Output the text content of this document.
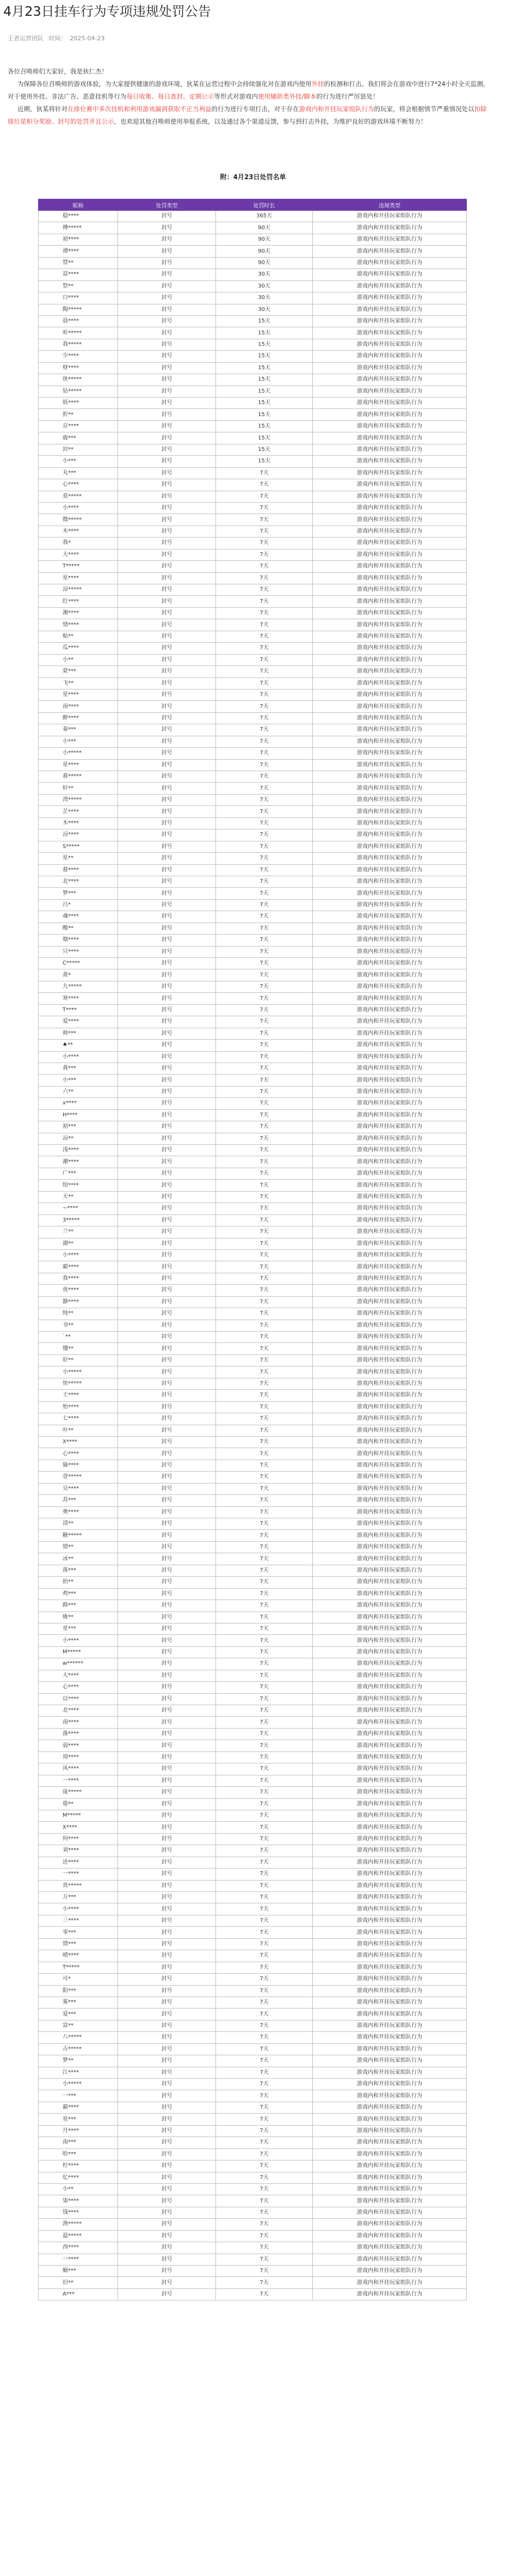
4月23日挂车行为专项违规处罚公告
王者运营团队 时间： 2025-04-23

各位召唤师们大家好，我是狄仁杰！

为保障各位召唤师的游戏体验，为大家提供健康的游戏环境，狄某在运营过程中会持续强化对在游戏内使用外挂的检测和打击。我们将会在游戏中进行7*24小时全天监测，对于使用外挂、非法广告、恶意挂机等行为每日收集、每日查封、定期公示等形式对游戏内使用辅助类外挂/脚本的行为进行严厉惩处！

近期，狄某将针对在排位赛中多次挂机和利用游戏漏洞获取不正当利益的行为进行专项打击，对于存在游戏内和开挂玩家组队行为的玩家，将会根据情节严重情况处以扣除排位星积分奖励、封号的处罚并且公示，也欢迎其他召唤师使用举报系统，以及通过各个渠道反馈，参与到打击外挂，为维护良好的游戏环境不断努力！

附：4月23日处罚名单
昵称	处罚类型	处罚时长	违规类型
稳****	封号	365天	游戏内和开挂玩家组队行为
傅*****	封号	90天	游戏内和开挂玩家组队行为
初****	封号	90天	游戏内和开挂玩家组队行为
谭****	封号	90天	游戏内和开挂玩家组队行为
禁**	封号	90天	游戏内和开挂玩家组队行为
富****	封号	30天	游戏内和开挂玩家组队行为
祭**	封号	30天	游戏内和开挂玩家组队行为
白****	封号	30天	游戏内和开挂玩家组队行为
陶*****	封号	30天	游戏内和开挂玩家组队行为
晨****	封号	15天	游戏内和开挂玩家组队行为
听*****	封号	15天	游戏内和开挂玩家组队行为
我*****	封号	15天	游戏内和开挂玩家组队行为
少****	封号	15天	游戏内和开挂玩家组队行为
财****	封号	15天	游戏内和开挂玩家组队行为
侠*****	封号	15天	游戏内和开挂玩家组队行为
钻*****	封号	15天	游戏内和开挂玩家组队行为
妖****	封号	15天	游戏内和开挂玩家组队行为
折**	封号	15天	游戏内和开挂玩家组队行为
京****	封号	15天	游戏内和开挂玩家组队行为
鹿***	封号	15天	游戏内和开挂玩家组队行为
封**	封号	15天	游戏内和开挂玩家组队行为
小***	封号	15天	游戏内和开挂玩家组队行为
丸***	封号	7天	游戏内和开挂玩家组队行为
心****	封号	7天	游戏内和开挂玩家组队行为
莫*****	封号	7天	游戏内和开挂玩家组队行为
小****	封号	7天	游戏内和开挂玩家组队行为
微*****	封号	7天	游戏内和开挂玩家组队行为
木****	封号	7天	游戏内和开挂玩家组队行为
我*	封号	7天	游戏内和开挂玩家组队行为
大****	封号	7天	游戏内和开挂玩家组队行为
T*****	封号	7天	游戏内和开挂玩家组队行为
星****	封号	7天	游戏内和开挂玩家组队行为
凉*****	封号	7天	游戏内和开挂玩家组队行为
红****	封号	7天	游戏内和开挂玩家组队行为
湘****	封号	7天	游戏内和开挂玩家组队行为
情****	封号	7天	游戏内和开挂玩家组队行为
贴**	封号	7天	游戏内和开挂玩家组队行为
瓜****	封号	7天	游戏内和开挂玩家组队行为
小**	封号	7天	游戏内和开挂玩家组队行为
蒙***	封号	7天	游戏内和开挂玩家组队行为
飞**	封号	7天	游戏内和开挂玩家组队行为
星****	封号	7天	游戏内和开挂玩家组队行为
南****	封号	7天	游戏内和开挂玩家组队行为
醉****	封号	7天	游戏内和开挂玩家组队行为
秦***	封号	7天	游戏内和开挂玩家组队行为
小***	封号	7天	游戏内和开挂玩家组队行为
小*****	封号	7天	游戏内和开挂玩家组队行为
星****	封号	7天	游戏内和开挂玩家组队行为
暮*****	封号	7天	游戏内和开挂玩家组队行为
轩**	封号	7天	游戏内和开挂玩家组队行为
湾*****	封号	7天	游戏内和开挂玩家组队行为
芷****	封号	7天	游戏内和开挂玩家组队行为
木****	封号	7天	游戏内和开挂玩家组队行为
凉****	封号	7天	游戏内和开挂玩家组队行为
S*****	封号	7天	游戏内和开挂玩家组队行为
星**	封号	7天	游戏内和开挂玩家组队行为
暮****	封号	7天	游戏内和开挂玩家组队行为
北****	封号	7天	游戏内和开挂玩家组队行为
梦***	封号	7天	游戏内和开挂玩家组队行为
吕*	封号	7天	游戏内和开挂玩家组队行为
魂****	封号	7天	游戏内和开挂玩家组队行为
酸**	封号	7天	游戏内和开挂玩家组队行为
烟****	封号	7天	游戏内和开挂玩家组队行为
只****	封号	7天	游戏内和开挂玩家组队行为
C*****	封号	7天	游戏内和开挂玩家组队行为
黄*	封号	7天	游戏内和开挂玩家组队行为
九*****	封号	7天	游戏内和开挂玩家组队行为
寒****	封号	7天	游戏内和开挂玩家组队行为
T****	封号	7天	游戏内和开挂玩家组队行为
爱****	封号	7天	游戏内和开挂玩家组队行为
帅***	封号	7天	游戏内和开挂玩家组队行为
♠**	封号	7天	游戏内和开挂玩家组队行为
小****	封号	7天	游戏内和开挂玩家组队行为
黄***	封号	7天	游戏内和开挂玩家组队行为
小***	封号	7天	游戏内和开挂玩家组队行为
六**	封号	7天	游戏内和开挂玩家组队行为
x****	封号	7天	游戏内和开挂玩家组队行为
H****	封号	7天	游戏内和开挂玩家组队行为
初***	封号	7天	游戏内和开挂玩家组队行为
凉**	封号	7天	游戏内和开挂玩家组队行为
浅****	封号	7天	游戏内和开挂玩家组队行为
潮****	封号	7天	游戏内和开挂玩家组队行为
广***	封号	7天	游戏内和开挂玩家组队行为
绾****	封号	7天	游戏内和开挂玩家组队行为
天**	封号	7天	游戏内和开挂玩家组队行为
~****	封号	7天	游戏内和开挂玩家组队行为
3*****	封号	7天	游戏内和开挂玩家组队行为
兰**	封号	7天	游戏内和开挂玩家组队行为
湖**	封号	7天	游戏内和开挂玩家组队行为
小****	封号	7天	游戏内和开挂玩家组队行为
霸****	封号	7天	游戏内和开挂玩家组队行为
我****	封号	7天	游戏内和开挂玩家组队行为
夜****	封号	7天	游戏内和开挂玩家组队行为
静****	封号	7天	游戏内和开挂玩家组队行为
纯**	封号	7天	游戏内和开挂玩家组队行为
书**	封号	7天	游戏内和开挂玩家组队行为
`**	封号	7天	游戏内和开挂玩家组队行为
懂**	封号	7天	游戏内和开挂玩家组队行为
好**	封号	7天	游戏内和开挂玩家组队行为
小*****	封号	7天	游戏内和开挂玩家组队行为
快*****	封号	7天	游戏内和开挂玩家组队行为
王****	封号	7天	游戏内和开挂玩家组队行为
怡****	封号	7天	游戏内和开挂玩家组队行为
七****	封号	7天	游戏内和开挂玩家组队行为
叶**	封号	7天	游戏内和开挂玩家组队行为
X****	封号	7天	游戏内和开挂玩家组队行为
心****	封号	7天	游戏内和开挂玩家组队行为
猫****	封号	7天	游戏内和开挂玩家组队行为
壹*****	封号	7天	游戏内和开挂玩家组队行为
吴****	封号	7天	游戏内和开挂玩家组队行为
苏***	封号	7天	游戏内和开挂玩家组队行为
奥****	封号	7天	游戏内和开挂玩家组队行为
清**	封号	7天	游戏内和开挂玩家组队行为
糖*****	封号	7天	游戏内和开挂玩家组队行为
情**	封号	7天	游戏内和开挂玩家组队行为
冰**	封号	7天	游戏内和开挂玩家组队行为
落***	封号	7天	游戏内和开挂玩家组队行为
抬**	封号	7天	游戏内和开挂玩家组队行为
鸡***	封号	7天	游戏内和开挂玩家组队行为
路***	封号	7天	游戏内和开挂玩家组队行为
桃**	封号	7天	游戏内和开挂玩家组队行为
星***	封号	7天	游戏内和开挂玩家组队行为
小****	封号	7天	游戏内和开挂玩家组队行为
M*****	封号	7天	游戏内和开挂玩家组队行为
w******	封号	7天	游戏内和开挂玩家组队行为
大****	封号	7天	游戏内和开挂玩家组队行为
心****	封号	7天	游戏内和开挂玩家组队行为
以****	封号	7天	游戏内和开挂玩家组队行为
北****	封号	7天	游戏内和开挂玩家组队行为
南****	封号	7天	游戏内和开挂玩家组队行为
落****	封号	7天	游戏内和开挂玩家组队行为
弱****	封号	7天	游戏内和开挂玩家组队行为
周****	封号	7天	游戏内和开挂玩家组队行为
风****	封号	7天	游戏内和开挂玩家组队行为
一****	封号	7天	游戏内和开挂玩家组队行为
庞*****	封号	7天	游戏内和开挂玩家组队行为
倦**	封号	7天	游戏内和开挂玩家组队行为
M*****	封号	7天	游戏内和开挂玩家组队行为
X****	封号	7天	游戏内和开挂玩家组队行为
何****	封号	7天	游戏内和开挂玩家组队行为
刘****	封号	7天	游戏内和开挂玩家组队行为
还****	封号	7天	游戏内和开挂玩家组队行为
一****	封号	7天	游戏内和开挂玩家组队行为
贵*****	封号	7天	游戏内和开挂玩家组队行为
万***	封号	7天	游戏内和开挂玩家组队行为
小****	封号	7天	游戏内和开挂玩家组队行为
三****	封号	7天	游戏内和开挂玩家组队行为
零***	封号	7天	游戏内和开挂玩家组队行为
情***	封号	7天	游戏内和开挂玩家组队行为
晴****	封号	7天	游戏内和开挂玩家组队行为
T*****	封号	7天	游戏内和开挂玩家组队行为
可*	封号	7天	游戏内和开挂玩家组队行为
阳***	封号	7天	游戏内和开挂玩家组队行为
雾***	封号	7天	游戏内和开挂玩家组队行为
爱***	封号	7天	游戏内和开挂玩家组队行为
富**	封号	7天	游戏内和开挂玩家组队行为
八*****	封号	7天	游戏内和开挂玩家组队行为
古*****	封号	7天	游戏内和开挂玩家组队行为
梦**	封号	7天	游戏内和开挂玩家组队行为
江****	封号	7天	游戏内和开挂玩家组队行为
小*****	封号	7天	游戏内和开挂玩家组队行为
一***	封号	7天	游戏内和开挂玩家组队行为
霸****	封号	7天	游戏内和开挂玩家组队行为
星***	封号	7天	游戏内和开挂玩家组队行为
月****	封号	7天	游戏内和开挂玩家组队行为
南***	封号	7天	游戏内和开挂玩家组队行为
哈***	封号	7天	游戏内和开挂玩家组队行为
柠****	封号	7天	游戏内和开挂玩家组队行为
忆****	封号	7天	游戏内和开挂玩家组队行为
小**	封号	7天	游戏内和开挂玩家组队行为
柒****	封号	7天	游戏内和开挂玩家组队行为
钱****	封号	7天	游戏内和开挂玩家组队行为
渔*****	封号	7天	游戏内和开挂玩家组队行为
温*****	封号	7天	游戏内和开挂玩家组队行为
西****	封号	7天	游戏内和开挂玩家组队行为
一****	封号	7天	游戏内和开挂玩家组队行为
蜗***	封号	7天	游戏内和开挂玩家组队行为
旧**	封号	7天	游戏内和开挂玩家组队行为
A***	封号	7天	游戏内和开挂玩家组队行为
